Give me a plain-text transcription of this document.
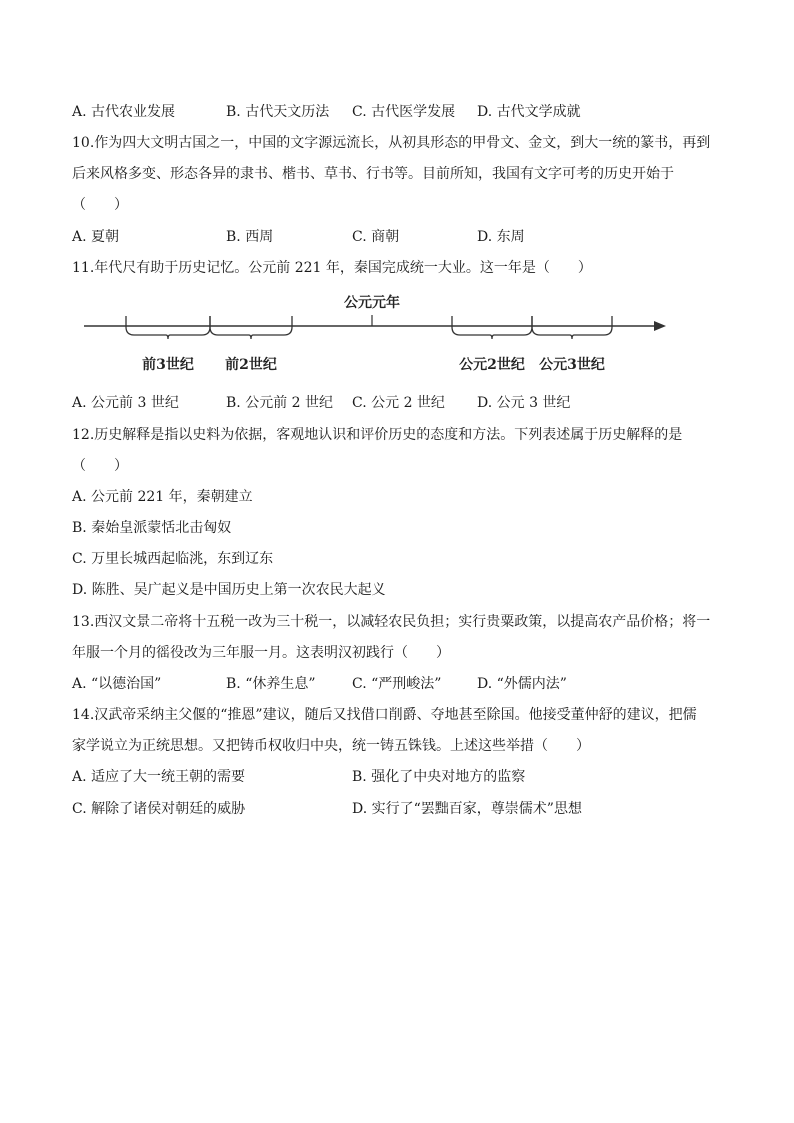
A. 古代农业发展	B. 古代天文历法 C. 古代医学发展 D. 古代文学成就
10.作为四大文明古国之一，中国的文字源远流长，从初具形态的甲骨文、金文，到大一统的篆书，再到
后来风格多变、形态各异的隶书、楷书、草书、行书等。目前所知，我国有文字可考的历史开始于
（　　）
A. 夏朝	B. 西周	C. 商朝	D. 东周
11.年代尺有助于历史记忆。公元前 221 年，秦国完成统一大业。这一年是（　　）
公元元年
前3世纪 前2世纪	公元2世纪 公元3世纪
A. 公元前 3 世纪	B. 公元前 2 世纪 C. 公元 2 世纪 D. 公元 3 世纪
12.历史解释是指以史料为依据，客观地认识和评价历史的态度和方法。下列表述属于历史解释的是
（　　）
A. 公元前 221 年，秦朝建立
B. 秦始皇派蒙恬北击匈奴
C. 万里长城西起临洮，东到辽东
D. 陈胜、吴广起义是中国历史上第一次农民大起义
13.西汉文景二帝将十五税一改为三十税一，以减轻农民负担；实行贵粟政策，以提高农产品价格；将一
年服一个月的徭役改为三年服一月。这表明汉初践行（　　）
A. “以德治国”	B. “休养生息”	C. “严刑峻法”	D. “外儒内法”
14.汉武帝采纳主父偃的“推恩”建议，随后又找借口削爵、夺地甚至除国。他接受董仲舒的建议，把儒
家学说立为正统思想。又把铸币权收归中央，统一铸五铢钱。上述这些举措（　　）
A. 适应了大一统王朝的需要	B. 强化了中央对地方的监察
C. 解除了诸侯对朝廷的威胁	D. 实行了“罢黜百家，尊崇儒术”思想
